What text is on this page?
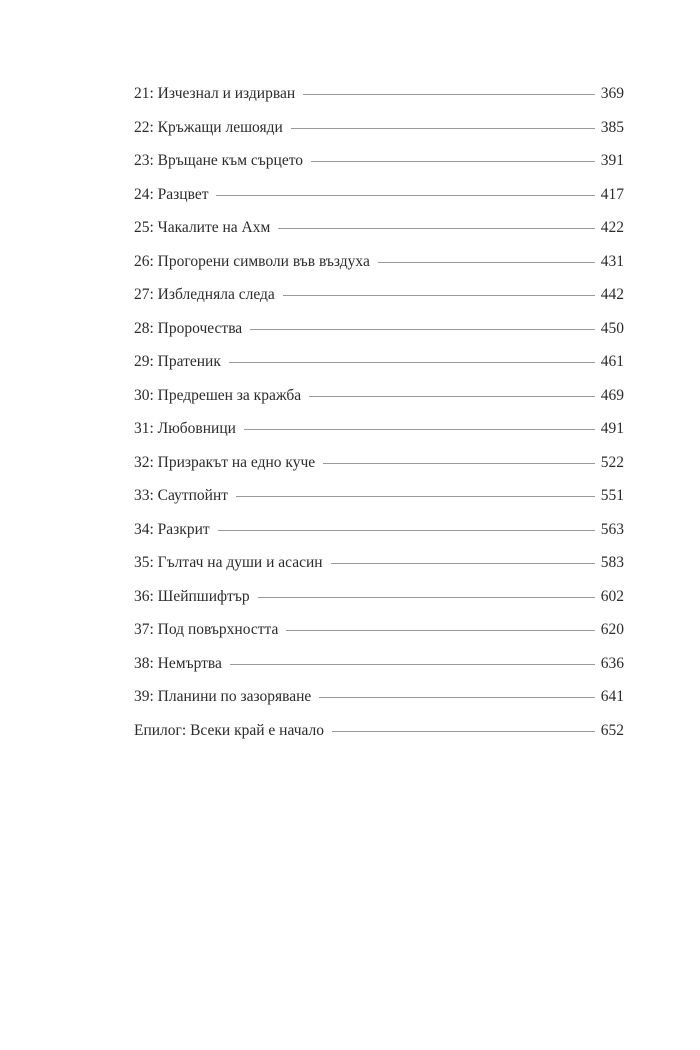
21: Изчезнал и издирван	369
22: Кръжащи лешояди	385
23: Връщане към сърцето	391
24: Разцвет	417
25: Чакалите на Ахм	422
26: Прогорени символи във въздуха	431
27: Избледняла следа	442
28: Пророчества	450
29: Пратеник	461
30: Предрешен за кражба	469
31: Любовници	491
32: Призракът на едно куче	522
33: Саутпойнт	551
34: Разкрит	563
35: Гълтач на души и асасин	583
36: Шейпшифтър	602
37: Под повърхността	620
38: Немъртва	636
39: Планини по зазоряване	641
Епилог: Всеки край е начало	652
